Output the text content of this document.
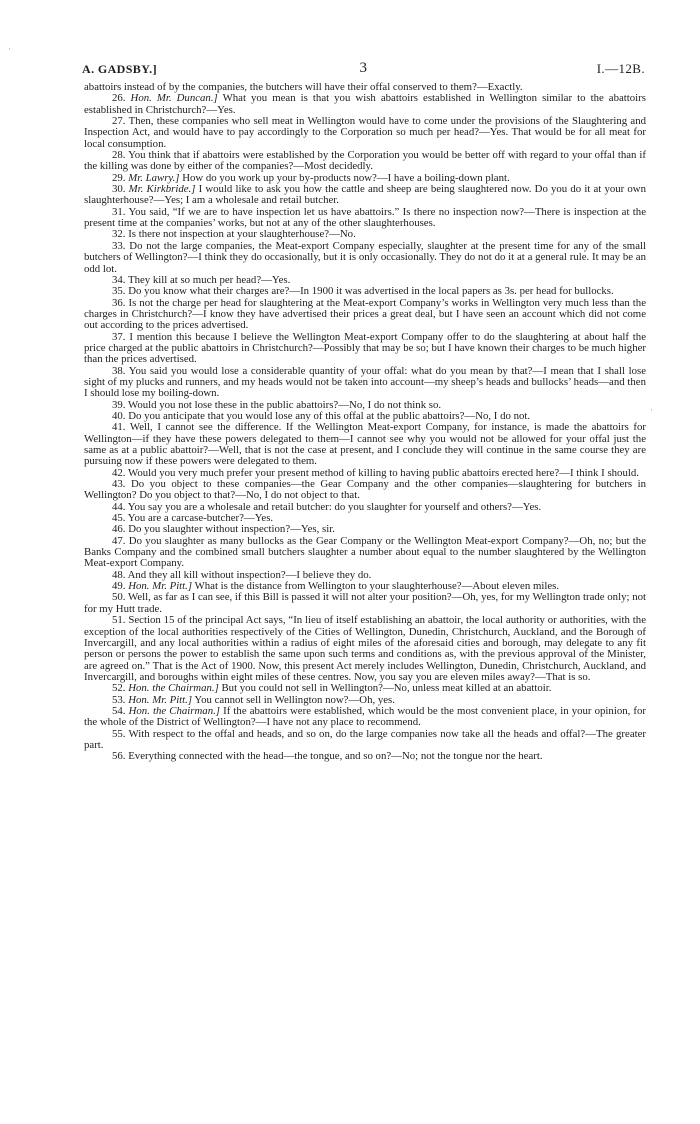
A. GADSBY.]	3	I.—12B.

abattoirs instead of by the companies, the butchers will have their offal conserved to them?—Exactly.

26. Hon. Mr. Duncan.] What you mean is that you wish abattoirs established in Wellington similar to the abattoirs established in Christchurch?—Yes.

27. Then, these companies who sell meat in Wellington would have to come under the provisions of the Slaughtering and Inspection Act, and would have to pay accordingly to the Corporation so much per head?—Yes. That would be for all meat for local consumption.

28. You think that if abattoirs were established by the Corporation you would be better off with regard to your offal than if the killing was done by either of the companies?—Most decidedly.

29. Mr. Lawry.] How do you work up your by-products now?—I have a boiling-down plant.

30. Mr. Kirkbride.] I would like to ask you how the cattle and sheep are being slaughtered now. Do you do it at your own slaughterhouse?—Yes; I am a wholesale and retail butcher.

31. You said, “If we are to have inspection let us have abattoirs.” Is there no inspection now?—There is inspection at the present time at the companies’ works, but not at any of the other slaughterhouses.

32. Is there not inspection at your slaughterhouse?—No.

33. Do not the large companies, the Meat-export Company especially, slaughter at the present time for any of the small butchers of Wellington?—I think they do occasionally, but it is only occasionally. They do not do it at a general rule. It may be an odd lot.

34. They kill at so much per head?—Yes.

35. Do you know what their charges are?—In 1900 it was advertised in the local papers as 3s. per head for bullocks.

36. Is not the charge per head for slaughtering at the Meat-export Company’s works in Wellington very much less than the charges in Christchurch?—I know they have advertised their prices a great deal, but I have seen an account which did not come out according to the prices advertised.

37. I mention this because I believe the Wellington Meat-export Company offer to do the slaughtering at about half the price charged at the public abattoirs in Christchurch?—Possibly that may be so; but I have known their charges to be much higher than the prices advertised.

38. You said you would lose a considerable quantity of your offal: what do you mean by that?—I mean that I shall lose sight of my plucks and runners, and my heads would not be taken into account—my sheep’s heads and bullocks’ heads—and then I should lose my boiling-down.

39. Would you not lose these in the public abattoirs?—No, I do not think so.

40. Do you anticipate that you would lose any of this offal at the public abattoirs?—No, I do not.

41. Well, I cannot see the difference. If the Wellington Meat-export Company, for instance, is made the abattoirs for Wellington—if they have these powers delegated to them—I cannot see why you would not be allowed for your offal just the same as at a public abattoir?—Well, that is not the case at present, and I conclude they will continue in the same course they are pursuing now if these powers were delegated to them.

42. Would you very much prefer your present method of killing to having public abattoirs erected here?—I think I should.

43. Do you object to these companies—the Gear Company and the other companies—slaughtering for butchers in Wellington? Do you object to that?—No, I do not object to that.

44. You say you are a wholesale and retail butcher: do you slaughter for yourself and others?—Yes.

45. You are a carcase-butcher?—Yes.

46. Do you slaughter without inspection?—Yes, sir.

47. Do you slaughter as many bullocks as the Gear Company or the Wellington Meat-export Company?—Oh, no; but the Banks Company and the combined small butchers slaughter a number about equal to the number slaughtered by the Wellington Meat-export Company.

48. And they all kill without inspection?—I believe they do.

49. Hon. Mr. Pitt.] What is the distance from Wellington to your slaughterhouse?—About eleven miles.

50. Well, as far as I can see, if this Bill is passed it will not alter your position?—Oh, yes, for my Wellington trade only; not for my Hutt trade.

51. Section 15 of the principal Act says, “In lieu of itself establishing an abattoir, the local authority or authorities, with the exception of the local authorities respectively of the Cities of Wellington, Dunedin, Christchurch, Auckland, and the Borough of Invercargill, and any local authorities within a radius of eight miles of the aforesaid cities and borough, may delegate to any fit person or persons the power to establish the same upon such terms and conditions as, with the previous approval of the Minister, are agreed on.” That is the Act of 1900. Now, this present Act merely includes Wellington, Dunedin, Christchurch, Auckland, and Invercargill, and boroughs within eight miles of these centres. Now, you say you are eleven miles away?—That is so.

52. Hon. the Chairman.] But you could not sell in Wellington?—No, unless meat killed at an abattoir.

53. Hon. Mr. Pitt.] You cannot sell in Wellington now?—Oh, yes.

54. Hon. the Chairman.] If the abattoirs were established, which would be the most convenient place, in your opinion, for the whole of the District of Wellington?—I have not any place to recommend.

55. With respect to the offal and heads, and so on, do the large companies now take all the heads and offal?—The greater part.

56. Everything connected with the head—the tongue, and so on?—No; not the tongue nor the heart.

·
·
